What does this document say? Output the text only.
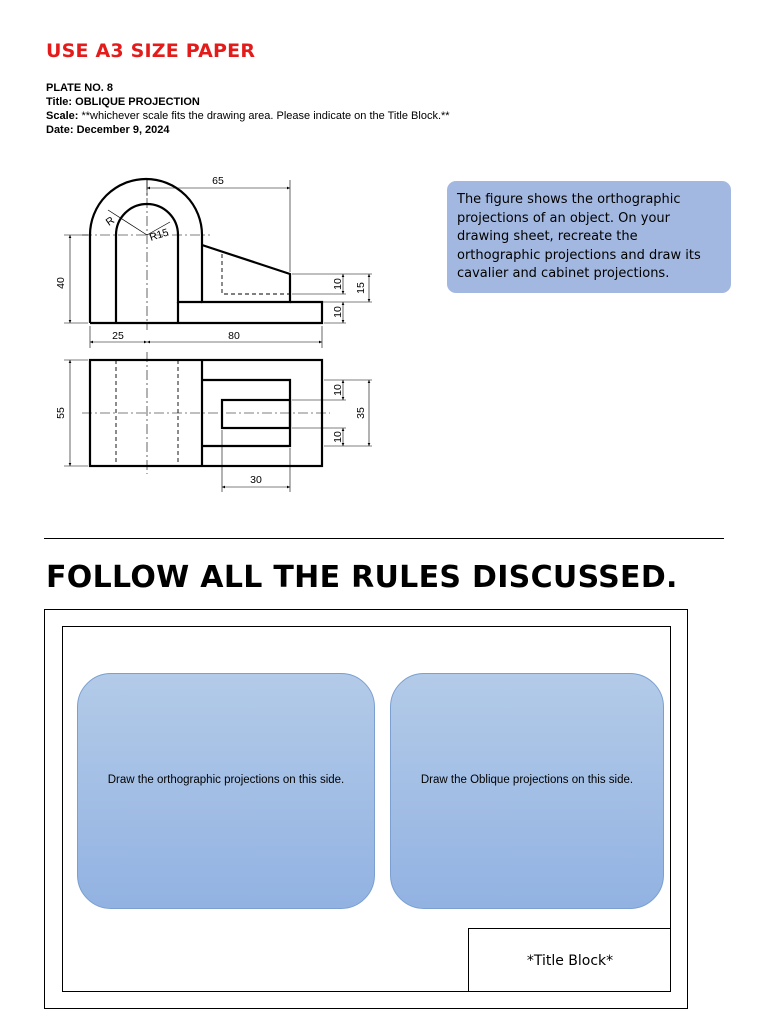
USE A3 SIZE PAPER
PLATE NO. 8
Title: OBLIQUE PROJECTION
Scale: **whichever scale fits the drawing area. Please indicate on the Title Block.**
Date: December 9, 2024
65
R
R15
40	10 15
10
25	80
55
10
35
10
30
The figure shows the orthographic projections of an object. On your drawing sheet, recreate the orthographic projections and draw its cavalier and cabinet projections.
FOLLOW ALL THE RULES DISCUSSED.
Draw the orthographic projections on this side.	Draw the Oblique projections on this side.
*Title Block*
